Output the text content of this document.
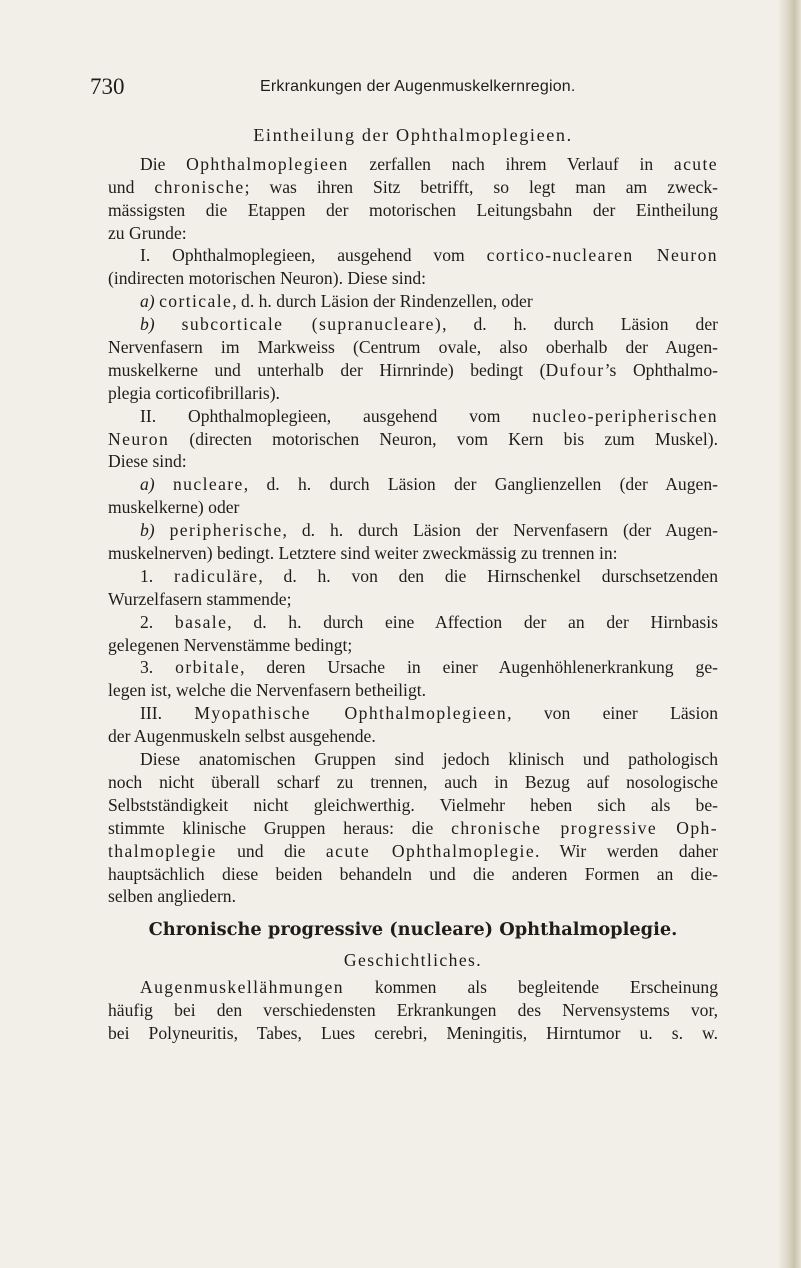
730	Erkrankungen der Augenmuskelkernregion.
Eintheilung der Ophthalmoplegieen.
Die Ophthalmoplegieen zerfallen nach ihrem Verlauf in acute
und chronische; was ihren Sitz betrifft, so legt man am zweck-
mässigsten die Etappen der motorischen Leitungsbahn der Eintheilung
zu Grunde:
I. Ophthalmoplegieen, ausgehend vom cortico-nuclearen Neuron
(indirecten motorischen Neuron). Diese sind:
a) corticale, d. h. durch Läsion der Rindenzellen, oder
b) subcorticale (supranucleare), d. h. durch Läsion der
Nervenfasern im Markweiss (Centrum ovale, also oberhalb der Augen-
muskelkerne und unterhalb der Hirnrinde) bedingt (Dufour’s Ophthalmo-
plegia corticofibrillaris).
II. Ophthalmoplegieen, ausgehend vom nucleo-peripherischen
Neuron (directen motorischen Neuron, vom Kern bis zum Muskel).
Diese sind:
a) nucleare, d. h. durch Läsion der Ganglienzellen (der Augen-
muskelkerne) oder
b) peripherische, d. h. durch Läsion der Nervenfasern (der Augen-
muskelnerven) bedingt. Letztere sind weiter zweckmässig zu trennen in:
1. radiculäre, d. h. von den die Hirnschenkel durschsetzenden
Wurzelfasern stammende;
2. basale, d. h. durch eine Affection der an der Hirnbasis
gelegenen Nervenstämme bedingt;
3. orbitale, deren Ursache in einer Augenhöhlenerkrankung ge-
legen ist, welche die Nervenfasern betheiligt.
III. Myopathische Ophthalmoplegieen, von einer Läsion
der Augenmuskeln selbst ausgehende.
Diese anatomischen Gruppen sind jedoch klinisch und pathologisch
noch nicht überall scharf zu trennen, auch in Bezug auf nosologische
Selbstständigkeit nicht gleichwerthig. Vielmehr heben sich als be-
stimmte klinische Gruppen heraus: die chronische progressive Oph-
thalmoplegie und die acute Ophthalmoplegie. Wir werden daher
hauptsächlich diese beiden behandeln und die anderen Formen an die-
selben angliedern.
Chronische progressive (nucleare) Ophthalmoplegie.
Geschichtliches.
Augenmuskellähmungen kommen als begleitende Erscheinung
häufig bei den verschiedensten Erkrankungen des Nervensystems vor,
bei Polyneuritis, Tabes, Lues cerebri, Meningitis, Hirntumor u. s. w.
